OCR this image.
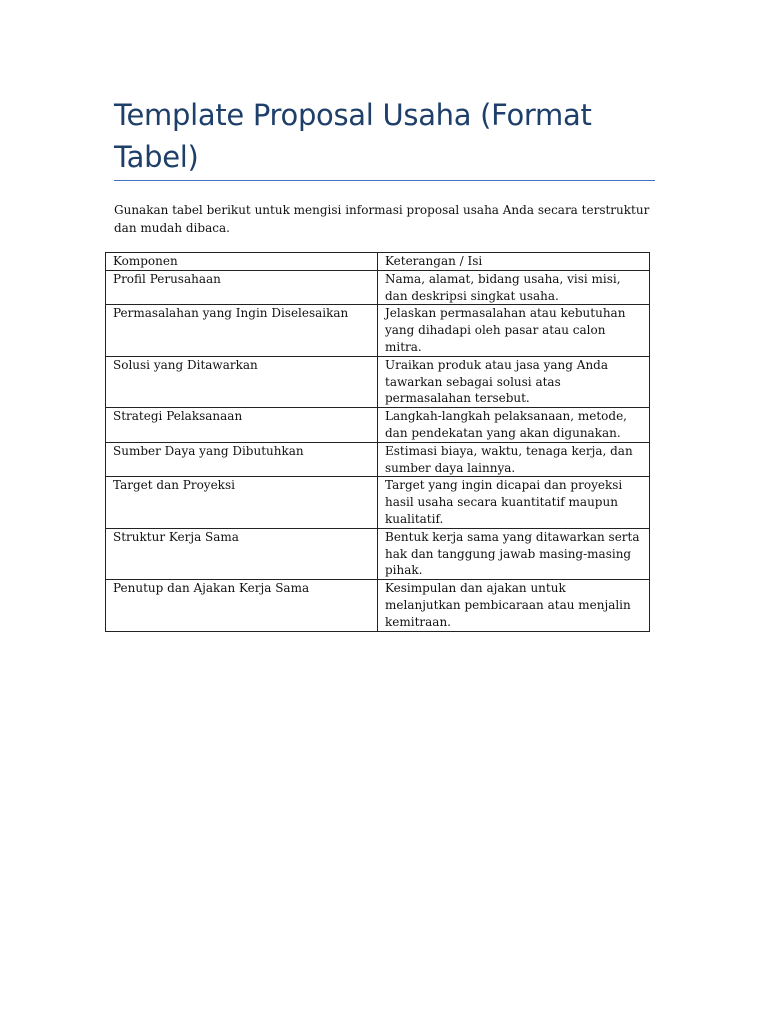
Template Proposal Usaha (Format Tabel)

Gunakan tabel berikut untuk mengisi informasi proposal usaha Anda secara terstruktur dan mudah dibaca.

Komponen	Keterangan / Isi
Profil Perusahaan	Nama, alamat, bidang usaha, visi misi, dan deskripsi singkat usaha.
Permasalahan yang Ingin Diselesaikan	Jelaskan permasalahan atau kebutuhan yang dihadapi oleh pasar atau calon mitra.
Solusi yang Ditawarkan	Uraikan produk atau jasa yang Anda tawarkan sebagai solusi atas permasalahan tersebut.
Strategi Pelaksanaan	Langkah-langkah pelaksanaan, metode, dan pendekatan yang akan digunakan.
Sumber Daya yang Dibutuhkan	Estimasi biaya, waktu, tenaga kerja, dan sumber daya lainnya.
Target dan Proyeksi	Target yang ingin dicapai dan proyeksi hasil usaha secara kuantitatif maupun kualitatif.
Struktur Kerja Sama	Bentuk kerja sama yang ditawarkan serta hak dan tanggung jawab masing-masing pihak.
Penutup dan Ajakan Kerja Sama	Kesimpulan dan ajakan untuk melanjutkan pembicaraan atau menjalin kemitraan.
